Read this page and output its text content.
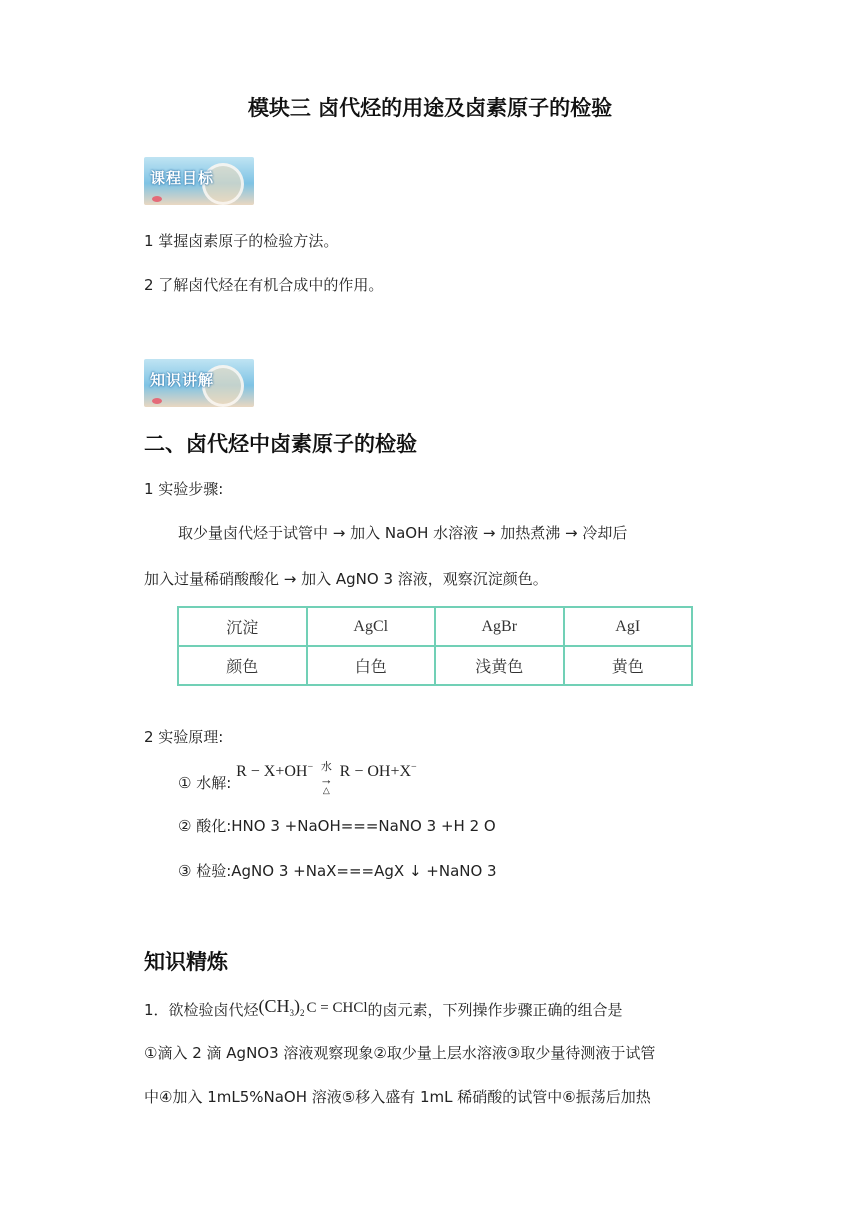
模块三 卤代烃的用途及卤素原子的检验
课程目标
1 掌握卤素原子的检验方法。
2 了解卤代烃在有机合成中的作用。
知识讲解
二、卤代烃中卤素原子的检验
1 实验步骤:
取少量卤代烃于试管中 → 加入 NaOH 水溶液 → 加热煮沸 → 冷却后
加入过量稀硝酸酸化 → 加入 AgNO 3 溶液，观察沉淀颜色。
沉淀	AgCl	AgBr	AgI
颜色	白色	浅黄色	黄色
2 实验原理:
① 水解: R − X+OH− 水
→
△
R − OH+X−
② 酸化:HNO 3 +NaOH===NaNO 3 +H 2 O
③ 检验:AgNO 3 +NaX===AgX ↓ +NaNO 3
知识精炼
1．欲检验卤代烃$(CH_3)_2$ C = CHCl的卤元素，下列操作步骤正确的组合是
①滴入 2 滴 AgNO3 溶液观察现象②取少量上层水溶液③取少量待测液于试管
中④加入 1mL5%NaOH 溶液⑤移入盛有 1mL 稀硝酸的试管中⑥振荡后加热
